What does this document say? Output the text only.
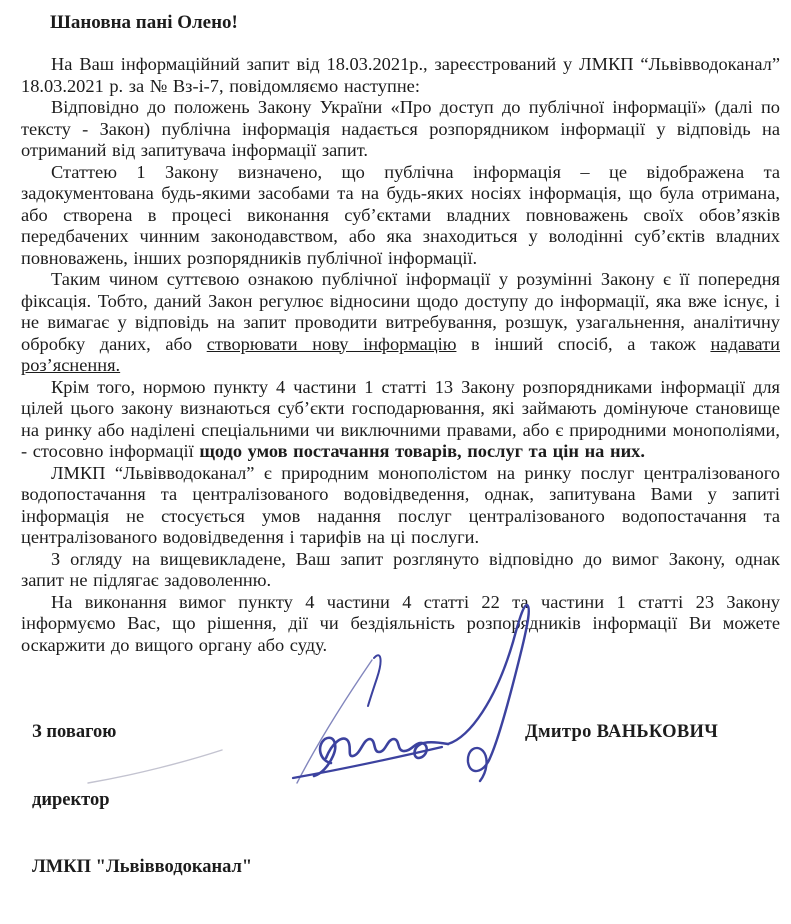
Шановна пані Олено!

На Ваш інформаційний запит від 18.03.2021р., зареєстрований у ЛМКП “Львівводоканал” 18.03.2021 р. за № Вз-і-7, повідомляємо наступне:

Відповідно до положень Закону України «Про доступ до публічної інформації» (далі по тексту - Закон) публічна інформація надається розпорядником інформації у відповідь на отриманий від запитувача інформації запит.

Статтею 1 Закону визначено, що публічна інформація – це відображена та задокументована будь-якими засобами та на будь-яких носіях інформація, що була отримана, або створена в процесі виконання суб’єктами владних повноважень своїх обов’язків передбачених чинним законодавством, або яка знаходиться у володінні суб’єктів владних повноважень, інших розпорядників публічної інформації.

Таким чином суттєвою ознакою публічної інформації у розумінні Закону є її попередня фіксація. Тобто, даний Закон регулює відносини щодо доступу до інформації, яка вже існує, і не вимагає у відповідь на запит проводити витребування, розшук, узагальнення, аналітичну обробку даних, або створювати нову інформацію в інший спосіб, а також надавати роз’яснення.

Крім того, нормою пункту 4 частини 1 статті 13 Закону розпорядниками інформації для цілей цього закону визнаються суб’єкти господарювання, які займають домінуюче становище на ринку або наділені спеціальними чи виключними правами, або є природними монополіями, - стосовно інформації щодо умов постачання товарів, послуг та цін на них.

ЛМКП “Львівводоканал” є природним монополістом на ринку послуг централізованого водопостачання та централізованого водовідведення, однак, запитувана Вами у запиті інформація не стосується умов надання послуг централізованого водопостачання та централізованого водовідведення і тарифів на ці послуги.

З огляду на вищевикладене, Ваш запит розглянуто відповідно до вимог Закону, однак запит не підлягає задоволенню.

На виконання вимог пункту 4 частини 4 статті 22 та частини 1 статті 23 Закону інформуємо Вас, що рішення, дії чи бездіяльність розпорядників інформації Ви можете оскаржити до вищого органу або суду.

З повагою

директор

ЛМКП "Львівводоканал"

Дмитро ВАНЬКОВИЧ
